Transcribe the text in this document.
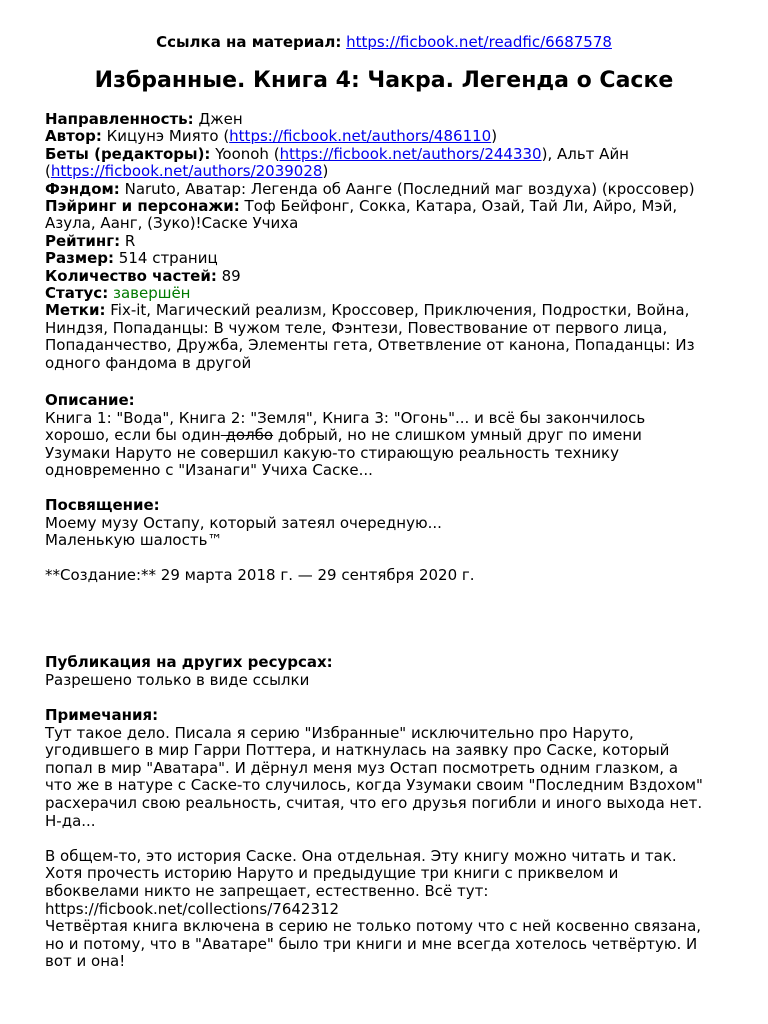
Ссылка на материал: https://ficbook.net/readfic/6687578
Избранные. Книга 4: Чакра. Легенда о Саске
Направленность: Джен
Автор: Кицунэ Миято (https://ficbook.net/authors/486110)
Беты (редакторы): Yoonoh (https://ficbook.net/authors/244330), Альт Айн
(https://ficbook.net/authors/2039028)
Фэндом: Naruto, Аватар: Легенда об Аанге (Последний маг воздуха) (кроссовер)
Пэйринг и персонажи: Тоф Бейфонг, Сокка, Катара, Озай, Тай Ли, Айро, Мэй,
Азула, Аанг, (Зуко)!Саске Учиха
Рейтинг: R
Размер: 514 страниц
Количество частей: 89
Статус: завершён
Метки: Fix-it, Магический реализм, Кроссовер, Приключения, Подростки, Война,
Ниндзя, Попаданцы: В чужом теле, Фэнтези, Повествование от первого лица,
Попаданчество, Дружба, Элементы гета, Ответвление от канона, Попаданцы: Из
одного фандома в другой
Описание:

Книга 1: "Вода", Книга 2: "Земля", Книга 3: "Огонь"... и всё бы закончилось

хорошо, если бы один долбо добрый, но не слишком умный друг по имени

Узумаки Наруто не совершил какую-то стирающую реальность технику

одновременно с "Изанаги" Учиха Саске...

Посвящение:

Моему музу Остапу, который затеял очередную...

Маленькую шалость™

**Создание:** 29 марта 2018 г. — 29 сентября 2020 г.

Публикация на других ресурсах:

Разрешено только в виде ссылки

Примечания:

Тут такое дело. Писала я серию "Избранные" исключительно про Наруто,

угодившего в мир Гарри Поттера, и наткнулась на заявку про Саске, который

попал в мир "Аватара". И дёрнул меня муз Остап посмотреть одним глазком, а

что же в натуре с Саске-то случилось, когда Узумаки своим "Последним Вздохом"

расхерачил свою реальность, считая, что его друзья погибли и иного выхода нет.

Н-да...

В общем-то, это история Саске. Она отдельная. Эту книгу можно читать и так.

Хотя прочесть историю Наруто и предыдущие три книги с приквелом и

вбоквелами никто не запрещает, естественно. Всё тут:

https://ficbook.net/collections/7642312

Четвёртая книга включена в серию не только потому что с ней косвенно связана,

но и потому, что в "Аватаре" было три книги и мне всегда хотелось четвёртую. И

вот и она!
